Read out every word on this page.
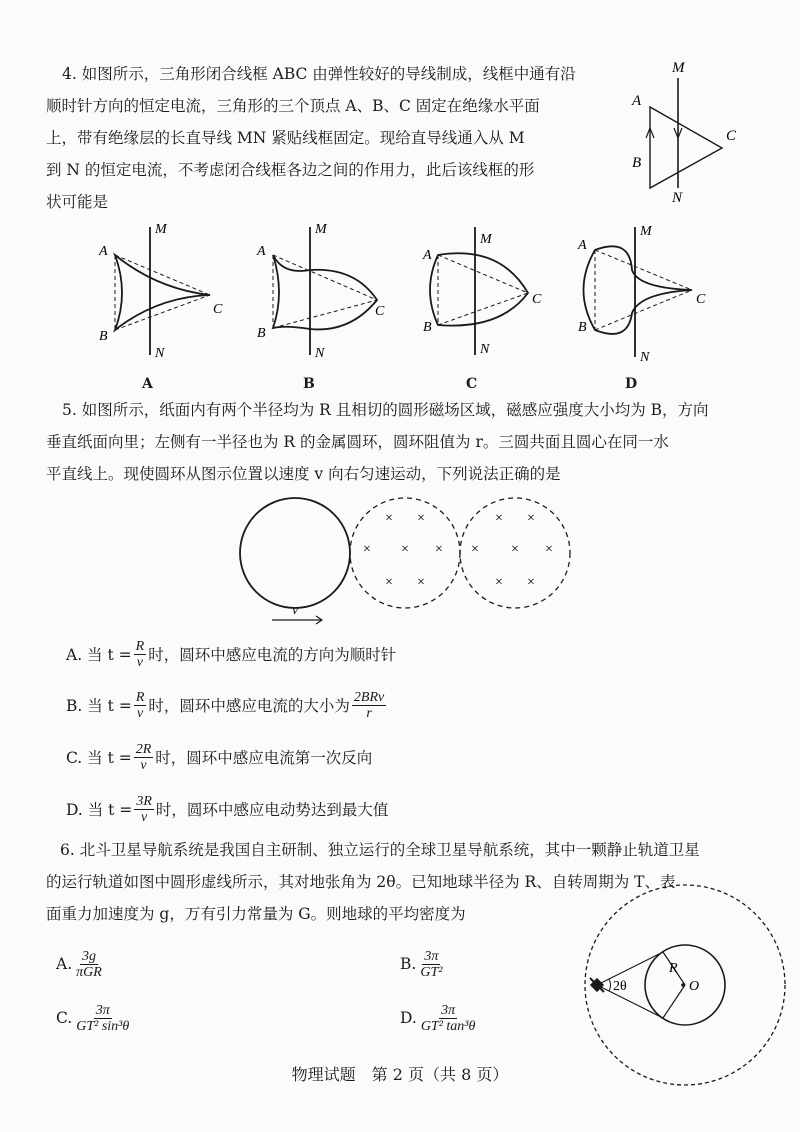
4. 如图所示，三角形闭合线框 ABC 由弹性较好的导线制成，线框中通有沿
顺时针方向的恒定电流，三角形的三个顶点 A、B、C 固定在绝缘水平面
上，带有绝缘层的长直导线 MN 紧贴线框固定。现给直导线通入从 M
到 N 的恒定电流，不考虑闭合线框各边之间的作用力，此后该线框的形
状可能是
M
N
A
B
C
M
N
A
B
C
A
M
N
A
B
C
B
M
N
A
B
C
C
M
N
A
B
C
D
5. 如图所示，纸面内有两个半径均为 R 且相切的圆形磁场区域，磁感应强度大小均为 B，方向
垂直纸面向里；左侧有一半径也为 R 的金属圆环，圆环阻值为 r。三圆共面且圆心在同一水
平直线上。现使圆环从图示位置以速度 v 向右匀速运动，下列说法正确的是
× ×
× × ×
× ×
× ×
× × ×
× ×
v
A. 当 $t = \frac{R}{v}$ 时，圆环中感应电流的方向为顺时针
B. 当 $t = \frac{R}{v}$ 时，圆环中感应电流的大小为 $\frac{\text{2BRv}}{r}$
C. 当 $t = \frac{2R}{v}$ 时，圆环中感应电流第一次反向
D. 当 $t = \frac{3R}{v}$ 时，圆环中感应电动势达到最大值
6. 北斗卫星导航系统是我国自主研制、独立运行的全球卫星导航系统，其中一颗静止轨道卫星
的运行轨道如图中圆形虚线所示，其对地张角为 2θ。已知地球半径为 R、自转周期为 T、表
面重力加速度为 g，万有引力常量为 G。则地球的平均密度为
A. $\frac{3g}{\text{πGR}}$	B. $\frac{3\pi}{\text{GT²}}$
C. $\frac{3\pi}{\text{GT² sin³θ}}$	D. $\frac{3\pi}{\text{GT² tan³θ}}$
2θ
R
O
物理试题　第 2 页（共 8 页）
